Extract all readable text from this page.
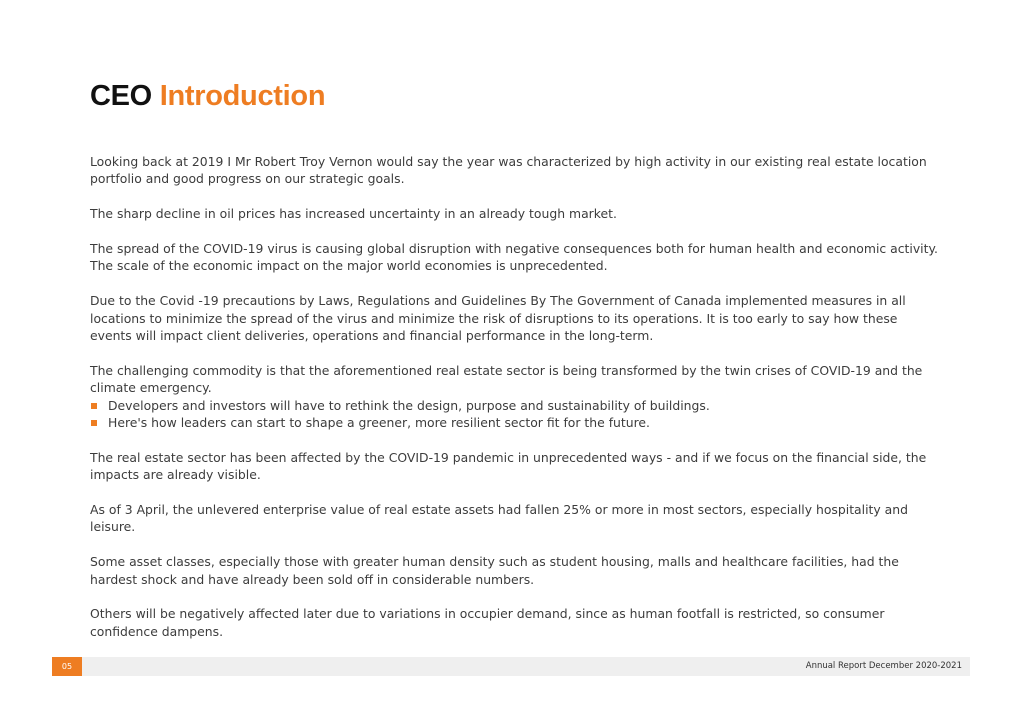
CEO Introduction

Looking back at 2019 I Mr Robert Troy Vernon would say the year was characterized by high activity in our existing real estate location portfolio and good progress on our strategic goals.

The sharp decline in oil prices has increased uncertainty in an already tough market.

The spread of the COVID-19 virus is causing global disruption with negative consequences both for human health and economic activity. The scale of the economic impact on the major world economies is unprecedented.

Due to the Covid -19 precautions by Laws, Regulations and Guidelines By The Government of Canada implemented measures in all locations to minimize the spread of the virus and minimize the risk of disruptions to its operations. It is too early to say how these events will impact client deliveries, operations and financial performance in the long-term.

The challenging commodity is that the aforementioned real estate sector is being transformed by the twin crises of COVID-19 and the climate emergency.

Developers and investors will have to rethink the design, purpose and sustainability of buildings.
Here's how leaders can start to shape a greener, more resilient sector fit for the future.

The real estate sector has been affected by the COVID-19 pandemic in unprecedented ways - and if we focus on the financial side, the impacts are already visible.

As of 3 April, the unlevered enterprise value of real estate assets had fallen 25% or more in most sectors, especially hospitality and leisure.

Some asset classes, especially those with greater human density such as student housing, malls and healthcare facilities, had the hardest shock and have already been sold off in considerable numbers.

Others will be negatively affected later due to variations in occupier demand, since as human footfall is restricted, so consumer confidence dampens.

05	Annual Report December 2020-2021
